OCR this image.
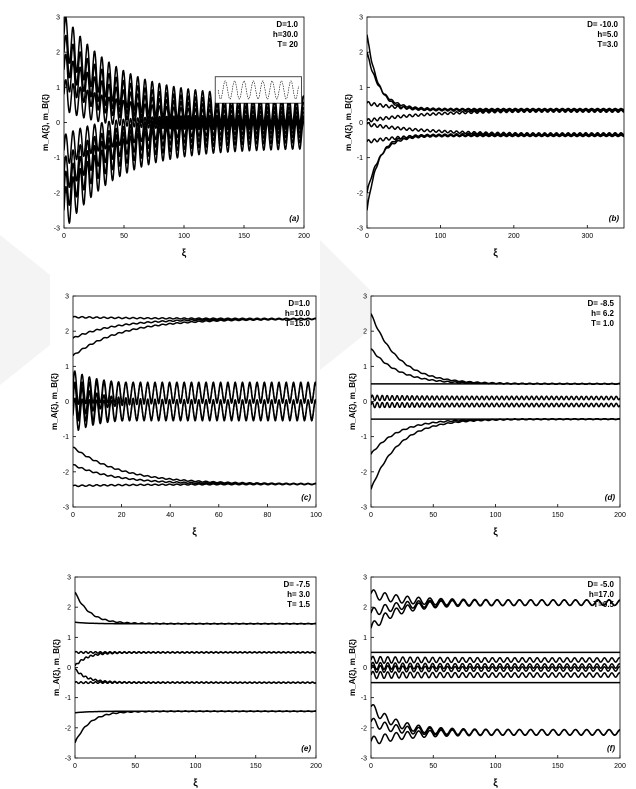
-3
-2
-1
0
1
2
3
0	50	100	150	200
D=1.0
h=30.0
T= 20
(a)
ξ
m_A(ξ), m_B(ξ)
-3
-2
-1
0
1
2
3
0	100	200	300
D= -10.0
h=5.0
T=3.0
(b)
ξ
m_A(ξ), m_B(ξ)
-3
-2
-1
0
1
2
3
0	20	40	60	80	100
D=1.0
h=10.0
T=15.0
(c)
ξ
m_A(ξ), m_B(ξ)
-3
-2
-1
0
1
2
3
0	50	100	150	200
D= -8.5
h= 6.2
T= 1.0
(d)
ξ
m_A(ξ), m_B(ξ)
-3
-2
-1
0
1
2
3
0	50	100	150	200
D= -7.5
h= 3.0
T= 1.5
(e)
ξ
m_A(ξ), m_B(ξ)
-3
-2
-1
0
1
2
3
0	50	100	150	200
D= -5.0
h=17.0
T=0.5
(f)
ξ
m_A(ξ), m_B(ξ)
